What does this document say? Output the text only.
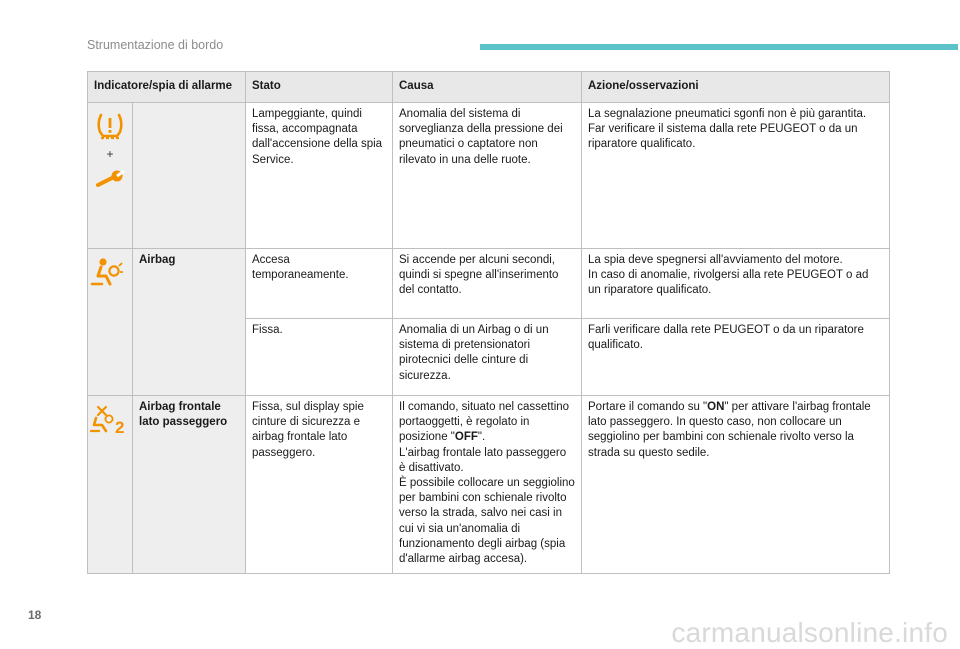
Strumentazione di bordo
Indicatore/spia di allarme		Stato	Causa	Azione/osservazioni

+		Lampeggiante, quindi fissa, accompagnata dall'accensione della spia Service.	Anomalia del sistema di sorveglianza della pressione dei pneumatici o captatore non rilevato in una delle ruote.	La segnalazione pneumatici sgonfi non è più garantita.
Far verificare il sistema dalla rete PEUGEOT o da un riparatore qualificato.

	Airbag	Accesa temporaneamente.	Si accende per alcuni secondi, quindi si spegne all'inserimento del contatto.	La spia deve spegnersi all'avviamento del motore.
In caso di anomalie, rivolgersi alla rete PEUGEOT o ad un riparatore qualificato.
		Fissa.	Anomalia di un Airbag o di un sistema di pretensionatori pirotecnici delle cinture di sicurezza.	Farli verificare dalla rete PEUGEOT o da un riparatore qualificato.

2	Airbag frontale lato passeggero	Fissa, sul display spie cinture di sicurezza e airbag frontale lato passeggero.	Il comando, situato nel cassettino portaoggetti, è regolato in posizione "OFF".
L'airbag frontale lato passeggero è disattivato.
È possibile collocare un seggiolino per bambini con schienale rivolto verso la strada, salvo nei casi in cui vi sia un'anomalia di funzionamento degli airbag (spia d'allarme airbag accesa).	Portare il comando su "ON" per attivare l'airbag frontale lato passeggero. In questo caso, non collocare un seggiolino per bambini con schienale rivolto verso la strada su questo sedile.
18
carmanualsonline.info
